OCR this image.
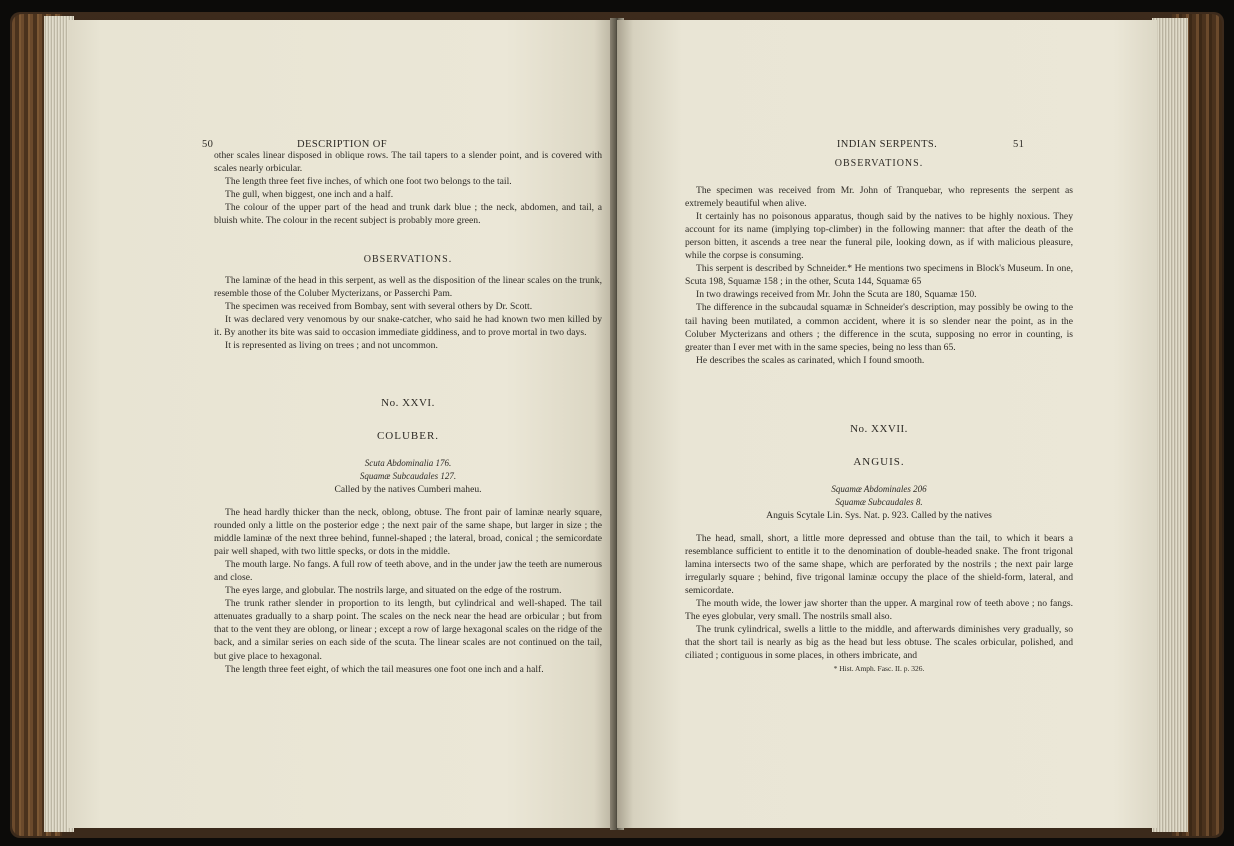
50	DESCRIPTION OF

other scales linear disposed in oblique rows. The tail tapers to a slender point, and is covered with scales nearly orbicular.

The length three feet five inches, of which one foot two belongs to the tail.

The gull, when biggest, one inch and a half.

The colour of the upper part of the head and trunk dark blue ; the neck, abdomen, and tail, a bluish white. The colour in the recent subject is probably more green.

OBSERVATIONS.

The laminæ of the head in this serpent, as well as the disposition of the linear scales on the trunk, resemble those of the Coluber Mycterizans, or Passerchi Pam.

The specimen was received from Bombay, sent with several others by Dr. Scott.

It was declared very venomous by our snake-catcher, who said he had known two men killed by it. By another its bite was said to occasion immediate giddiness, and to prove mortal in two days.

It is represented as living on trees ; and not uncommon.

No. XXVI.

COLUBER.

Scuta Abdominalia 176.

Squamæ Subcaudales 127.

Called by the natives Cumberi maheu.

The head hardly thicker than the neck, oblong, obtuse. The front pair of laminæ nearly square, rounded only a little on the posterior edge ; the next pair of the same shape, but larger in size ; the middle laminæ of the next three behind, funnel-shaped ; the lateral, broad, conical ; the semicordate pair well shaped, with two little specks, or dots in the middle.

The mouth large. No fangs. A full row of teeth above, and in the under jaw the teeth are numerous and close.

The eyes large, and globular. The nostrils large, and situated on the edge of the rostrum.

The trunk rather slender in proportion to its length, but cylindrical and well-shaped. The tail attenuates gradually to a sharp point. The scales on the neck near the head are orbicular ; but from that to the vent they are oblong, or linear ; except a row of large hexagonal scales on the ridge of the back, and a similar series on each side of the scuta. The linear scales are not continued on the tail, but give place to hexagonal.

The length three feet eight, of which the tail measures one foot one inch and a half.

INDIAN SERPENTS.	51

OBSERVATIONS.

The specimen was received from Mr. John of Tranquebar, who represents the serpent as extremely beautiful when alive.

It certainly has no poisonous apparatus, though said by the natives to be highly noxious. They account for its name (implying top-climber) in the following manner: that after the death of the person bitten, it ascends a tree near the funeral pile, looking down, as if with malicious pleasure, while the corpse is consuming.

This serpent is described by Schneider.* He mentions two specimens in Block's Museum. In one, Scuta 198, Squamæ 158 ; in the other, Scuta 144, Squamæ 65

In two drawings received from Mr. John the Scuta are 180, Squamæ 150.

The difference in the subcaudal squamæ in Schneider's description, may possibly be owing to the tail having been mutilated, a common accident, where it is so slender near the point, as in the Coluber Mycterizans and others ; the difference in the scuta, supposing no error in counting, is greater than I ever met with in the same species, being no less than 65.

He describes the scales as carinated, which I found smooth.

No. XXVII.

ANGUIS.

Squamæ Abdominales 206

Squamæ Subcaudales 8.

Anguis Scytale Lin. Sys. Nat. p. 923. Called by the natives

The head, small, short, a little more depressed and obtuse than the tail, to which it bears a resemblance sufficient to entitle it to the denomination of double-headed snake. The front trigonal lamina intersects two of the same shape, which are perforated by the nostrils ; the next pair large irregularly square ; behind, five trigonal laminæ occupy the place of the shield-form, lateral, and semicordate.

The mouth wide, the lower jaw shorter than the upper. A marginal row of teeth above ; no fangs. The eyes globular, very small. The nostrils small also.

The trunk cylindrical, swells a little to the middle, and afterwards diminishes very gradually, so that the short tail is nearly as big as the head but less obtuse. The scales orbicular, polished, and ciliated ; contiguous in some places, in others imbricate, and

* Hist. Amph. Fasc. II. p. 326.
